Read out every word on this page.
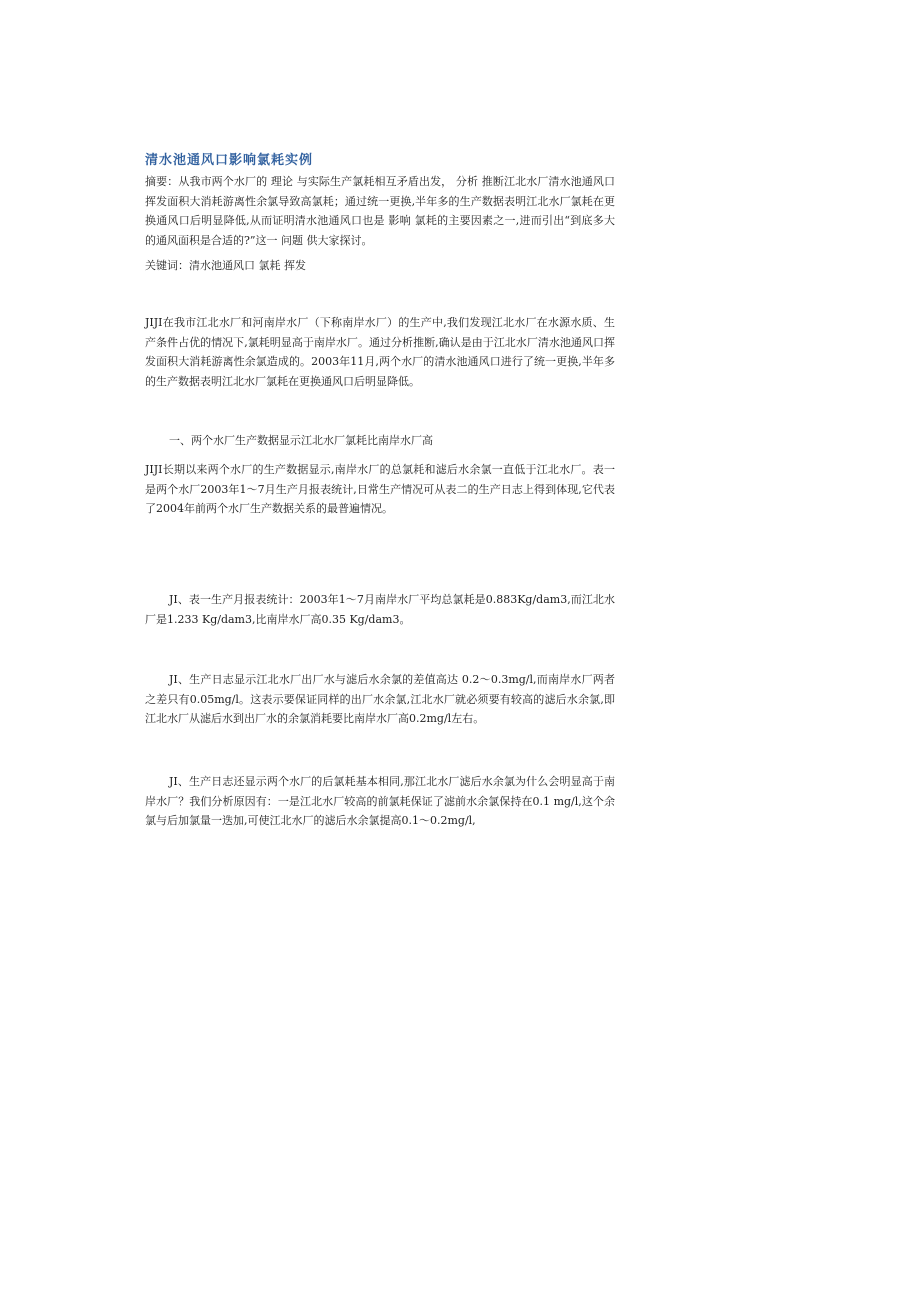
清水池通风口影响氯耗实例
摘要：从我市两个水厂的 理论 与实际生产氯耗相互矛盾出发， 分析 推断江北水厂清水池通风口挥发面积大消耗游离性余氯导致高氯耗；通过统一更换,半年多的生产数据表明江北水厂氯耗在更换通风口后明显降低,从而证明清水池通风口也是 影响 氯耗的主要因素之一,进而引出“到底多大的通风面积是合适的?”这一 问题 供大家探讨。
关键词：清水池通风口 氯耗 挥发
JIJI在我市江北水厂和河南岸水厂（下称南岸水厂）的生产中,我们发现江北水厂在水源水质、生产条件占优的情况下,氯耗明显高于南岸水厂。通过分析推断,确认是由于江北水厂清水池通风口挥发面积大消耗游离性余氯造成的。2003年11月,两个水厂的清水池通风口进行了统一更换,半年多的生产数据表明江北水厂氯耗在更换通风口后明显降低。
一、两个水厂生产数据显示江北水厂氯耗比南岸水厂高
JIJI长期以来两个水厂的生产数据显示,南岸水厂的总氯耗和滤后水余氯一直低于江北水厂。表一是两个水厂2003年1～7月生产月报表统计,日常生产情况可从表二的生产日志上得到体现,它代表了2004年前两个水厂生产数据关系的最普遍情况。
JI、表一生产月报表统计：2003年1～7月南岸水厂平均总氯耗是0.883Kg/dam3,而江北水厂是1.233 Kg/dam3,比南岸水厂高0.35 Kg/dam3。
JI、生产日志显示江北水厂出厂水与滤后水余氯的差值高达 0.2～0.3mg/l,而南岸水厂两者之差只有0.05mg/l。这表示要保证同样的出厂水余氯,江北水厂就必须要有较高的滤后水余氯,即江北水厂从滤后水到出厂水的余氯消耗要比南岸水厂高0.2mg/l左右。
JI、生产日志还显示两个水厂的后氯耗基本相同,那江北水厂滤后水余氯为什么会明显高于南岸水厂？我们分析原因有：一是江北水厂较高的前氯耗保证了滤前水余氯保持在0.1 mg/l,这个余氯与后加氯量一迭加,可使江北水厂的滤后水余氯提高0.1～0.2mg/l,
